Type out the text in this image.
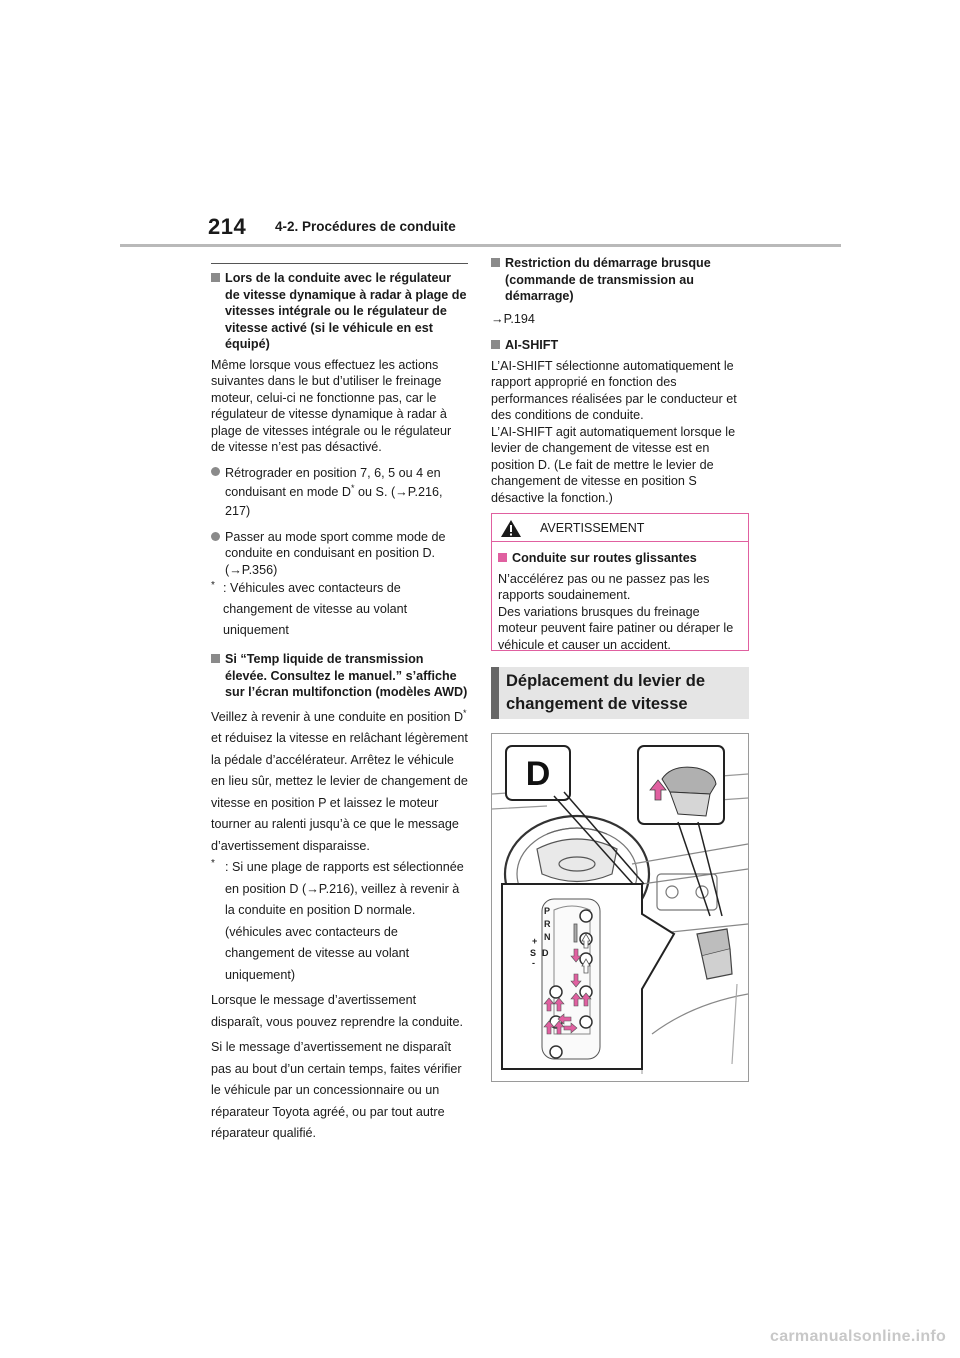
214 4-2. Procédures de conduite

Lors de la conduite avec le régulateur de vitesse dynamique à radar à plage de vitesses intégrale ou le régulateur de vitesse activé (si le véhicule en est équipé)

Même lorsque vous effectuez les actions suivantes dans le but d’utiliser le freinage moteur, celui-ci ne fonctionne pas, car le régulateur de vitesse dynamique à radar à plage de vitesses intégrale ou le régulateur de vitesse n’est pas désactivé.

Rétrograder en position 7, 6, 5 ou 4 en conduisant en mode D* ou S. (→P.216, 217)
Passer au mode sport comme mode de conduite en conduisant en position D. (→P.356)
* : Véhicules avec contacteurs de changement de vitesse au volant uniquement

Si “Temp liquide de transmission élevée. Consultez le manuel.” s’affiche sur l’écran multifonction (modèles AWD)

Veillez à revenir à une conduite en position D* et réduisez la vitesse en relâchant légèrement la pédale d’accélérateur. Arrêtez le véhicule en lieu sûr, mettez le levier de changement de vitesse en position P et laissez le moteur tourner au ralenti jusqu’à ce que le message d’avertissement disparaisse.

* : Si une plage de rapports est sélectionnée en position D (→P.216), veillez à revenir à la conduite en position D normale. (véhicules avec contacteurs de changement de vitesse au volant uniquement)

Lorsque le message d’avertissement disparaît, vous pouvez reprendre la conduite.

Si le message d’avertissement ne disparaît pas au bout d’un certain temps, faites vérifier le véhicule par un concessionnaire ou un réparateur Toyota agréé, ou par tout autre réparateur qualifié.

Restriction du démarrage brusque (commande de transmission au démarrage)

→P.194

AI-SHIFT

L’AI-SHIFT sélectionne automatiquement le rapport approprié en fonction des performances réalisées par le conducteur et des conditions de conduite.

L’AI-SHIFT agit automatiquement lorsque le levier de changement de vitesse est en position D. (Le fait de mettre le levier de changement de vitesse en position S désactive la fonction.)

AVERTISSEMENT

Conduite sur routes glissantes

N’accélérez pas ou ne passez pas les rapports soudainement.

Des variations brusques du freinage moteur peuvent faire patiner ou déraper le véhicule et causer un accident.

Déplacement du levier de changement de vitesse
D
P
R
N
D
S
+
-
carmanualsonline.info
